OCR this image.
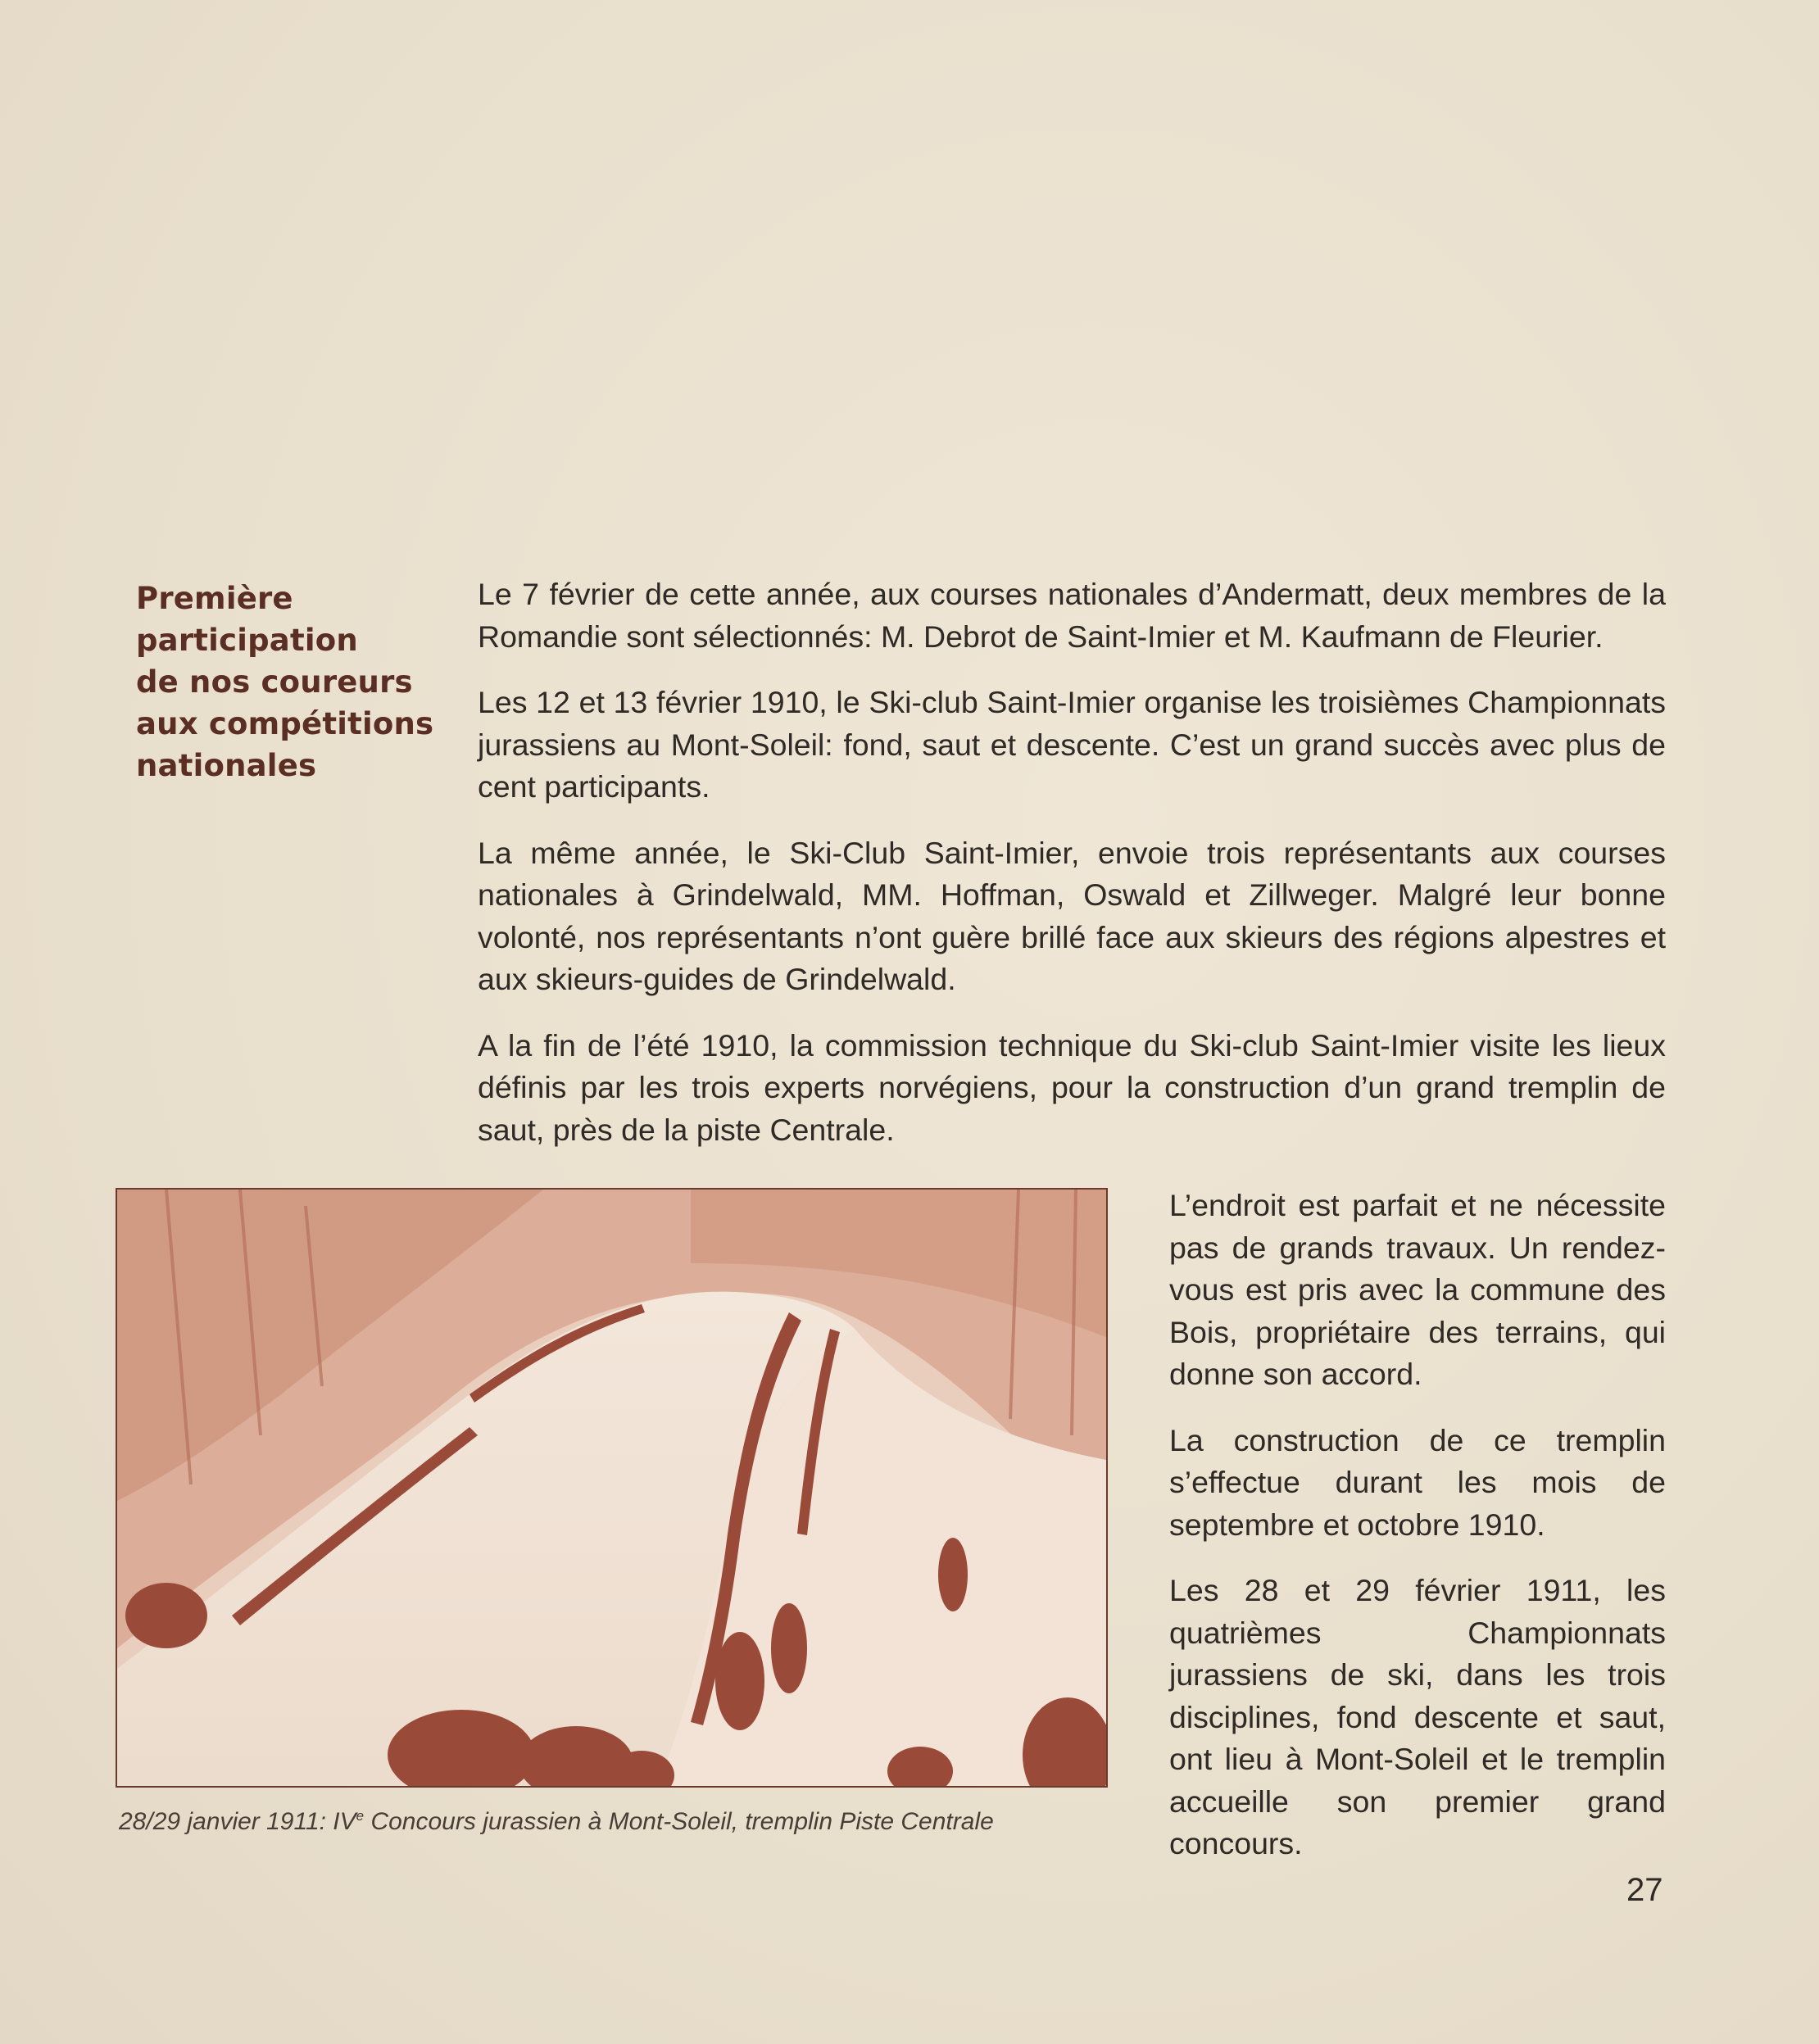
Première
participation
de nos coureurs
aux compétitions
nationales

Le 7 février de cette année, aux courses nationales d’Andermatt, deux membres de la Romandie sont sélectionnés: M. Debrot de Saint-Imier et M. Kaufmann de Fleurier.

Les 12 et 13 février 1910, le Ski-club Saint-Imier organise les troisièmes Championnats jurassiens au Mont-Soleil: fond, saut et descente. C’est un grand succès avec plus de cent participants.

La même année, le Ski-Club Saint-Imier, envoie trois représentants aux courses nationales à Grindelwald, MM. Hoffman, Oswald et Zillweger. Malgré leur bonne volonté, nos représentants n’ont guère brillé face aux skieurs des régions alpestres et aux skieurs-guides de Grindelwald.

A la fin de l’été 1910, la commission technique du Ski-club Saint-Imier visite les lieux définis par les trois experts norvégiens, pour la construction d’un grand tremplin de saut, près de la piste Centrale.

28/29 janvier 1911: IVe Concours jurassien à Mont-Soleil, tremplin Piste Centrale

L’endroit est parfait et ne nécessite pas de grands travaux. Un rendez-vous est pris avec la commune des Bois, propriétaire des terrains, qui donne son accord.

La construction de ce tremplin s’effectue durant les mois de septembre et octobre 1910.

Les 28 et 29 février 1911, les quatrièmes Championnats jurassiens de ski, dans les trois disciplines, fond descente et saut, ont lieu à Mont-Soleil et le tremplin accueille son premier grand concours.

27
